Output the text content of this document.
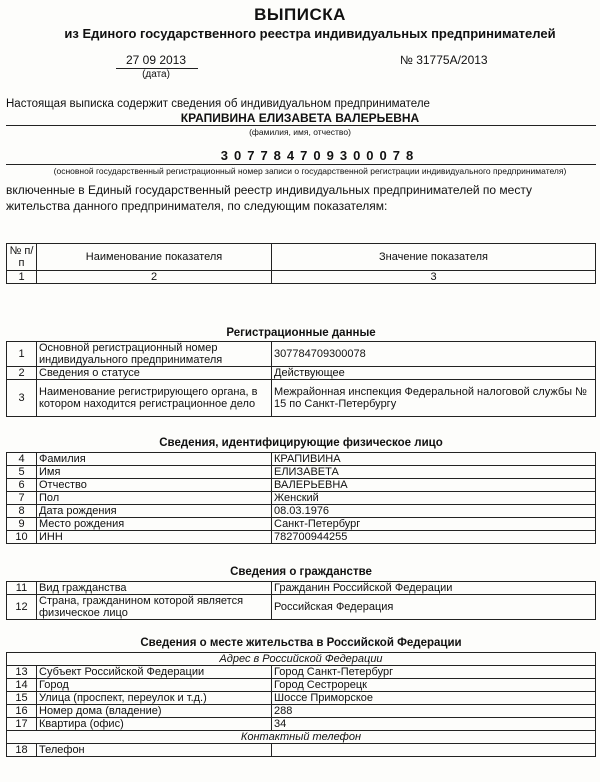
ВЫПИСКА
из Единого государственного реестра индивидуальных предпринимателей
27 09 2013
(дата)
№ 31775А/2013
Настоящая выписка содержит сведения об индивидуальном предпринимателе
КРАПИВИНА ЕЛИЗАВЕТА ВАЛЕРЬЕВНА
(фамилия, имя, отчество)
307784709300078
(основной государственный регистрационный номер записи о государственной регистрации индивидуального предпринимателя)
включенные в Единый государственный реестр индивидуальных предпринимателей по месту жительства данного предпринимателя, по следующим показателям:
№ п/п	Наименование показателя	Значение показателя
1	2	3
Регистрационные данные
1	Основной регистрационный номер индивидуального предпринимателя	307784709300078
2	Сведения о статусе	Действующее
3	Наименование регистрирующего органа, в котором находится регистрационное дело	Межрайонная инспекция Федеральной налоговой службы № 15 по Санкт-Петербургу
Сведения, идентифицирующие физическое лицо
4	Фамилия	КРАПИВИНА
5	Имя	ЕЛИЗАВЕТА
6	Отчество	ВАЛЕРЬЕВНА
7	Пол	Женский
8	Дата рождения	08.03.1976
9	Место рождения	Санкт-Петербург
10	ИНН	782700944255
Сведения о гражданстве
11	Вид гражданства	Гражданин Российской Федерации
12	Страна, гражданином которой является физическое лицо	Российская Федерация
Сведения о месте жительства в Российской Федерации
Адрес в Российской Федерации		
13	Субъект Российской Федерации	Город Санкт-Петербург
14	Город	Город Сестрорецк
15	Улица (проспект, переулок и т.д.)	Шоссе Приморское
16	Номер дома (владение)	288
17	Квартира (офис)	34
Контактный телефон		
18	Телефон	
